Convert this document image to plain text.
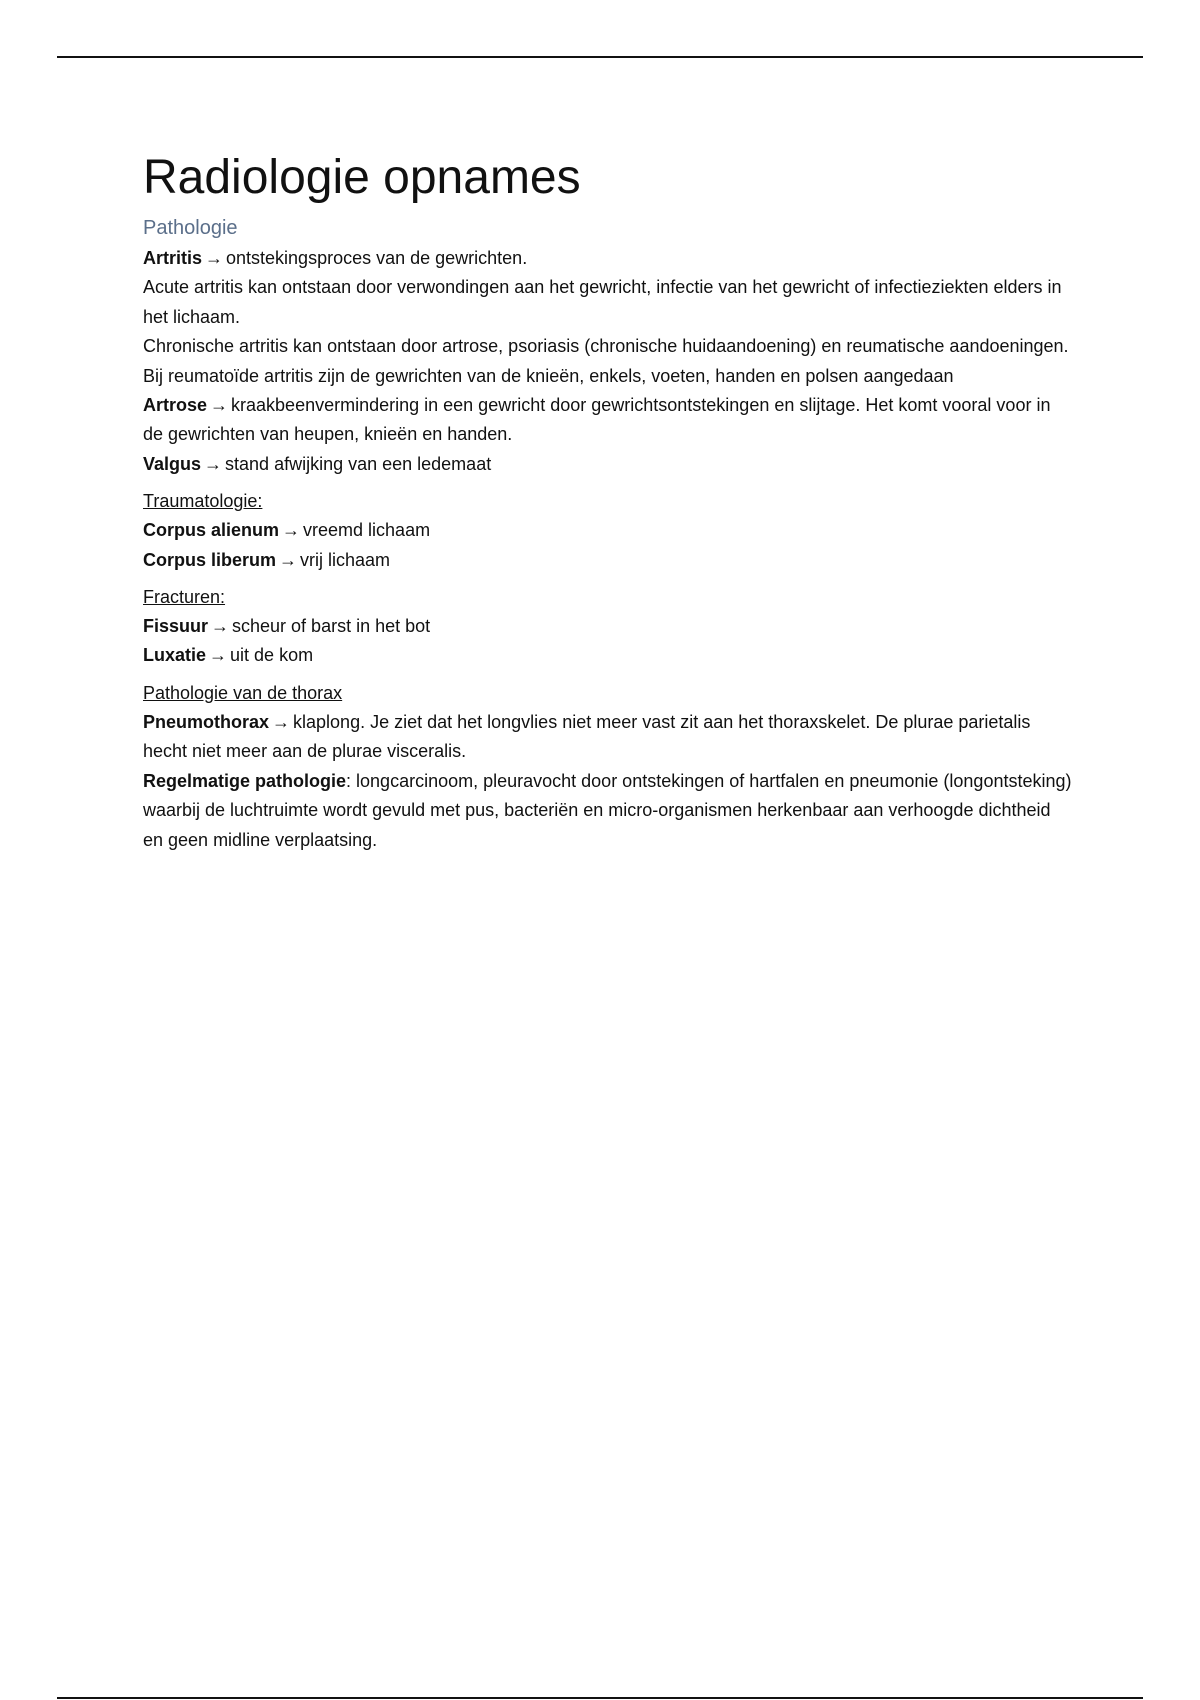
Radiologie opnames
Pathologie

Artritis → ontstekingsproces van de gewrichten.

Acute artritis kan ontstaan door verwondingen aan het gewricht, infectie van het gewricht of infectieziekten elders in het lichaam.

Chronische artritis kan ontstaan door artrose, psoriasis (chronische huidaandoening) en reumatische aandoeningen.

Bij reumatoïde artritis zijn de gewrichten van de knieën, enkels, voeten, handen en polsen aangedaan

Artrose → kraakbeenvermindering in een gewricht door gewrichtsontstekingen en slijtage. Het komt vooral voor in de gewrichten van heupen, knieën en handen.

Valgus → stand afwijking van een ledemaat

Traumatologie:

Corpus alienum → vreemd lichaam

Corpus liberum → vrij lichaam

Fracturen:

Fissuur → scheur of barst in het bot

Luxatie → uit de kom

Pathologie van de thorax

Pneumothorax → klaplong. Je ziet dat het longvlies niet meer vast zit aan het thoraxskelet. De plurae parietalis hecht niet meer aan de plurae visceralis.

Regelmatige pathologie: longcarcinoom, pleuravocht door ontstekingen of hartfalen en pneumonie (longontsteking) waarbij de luchtruimte wordt gevuld met pus, bacteriën en micro-organismen herkenbaar aan verhoogde dichtheid en geen midline verplaatsing.
